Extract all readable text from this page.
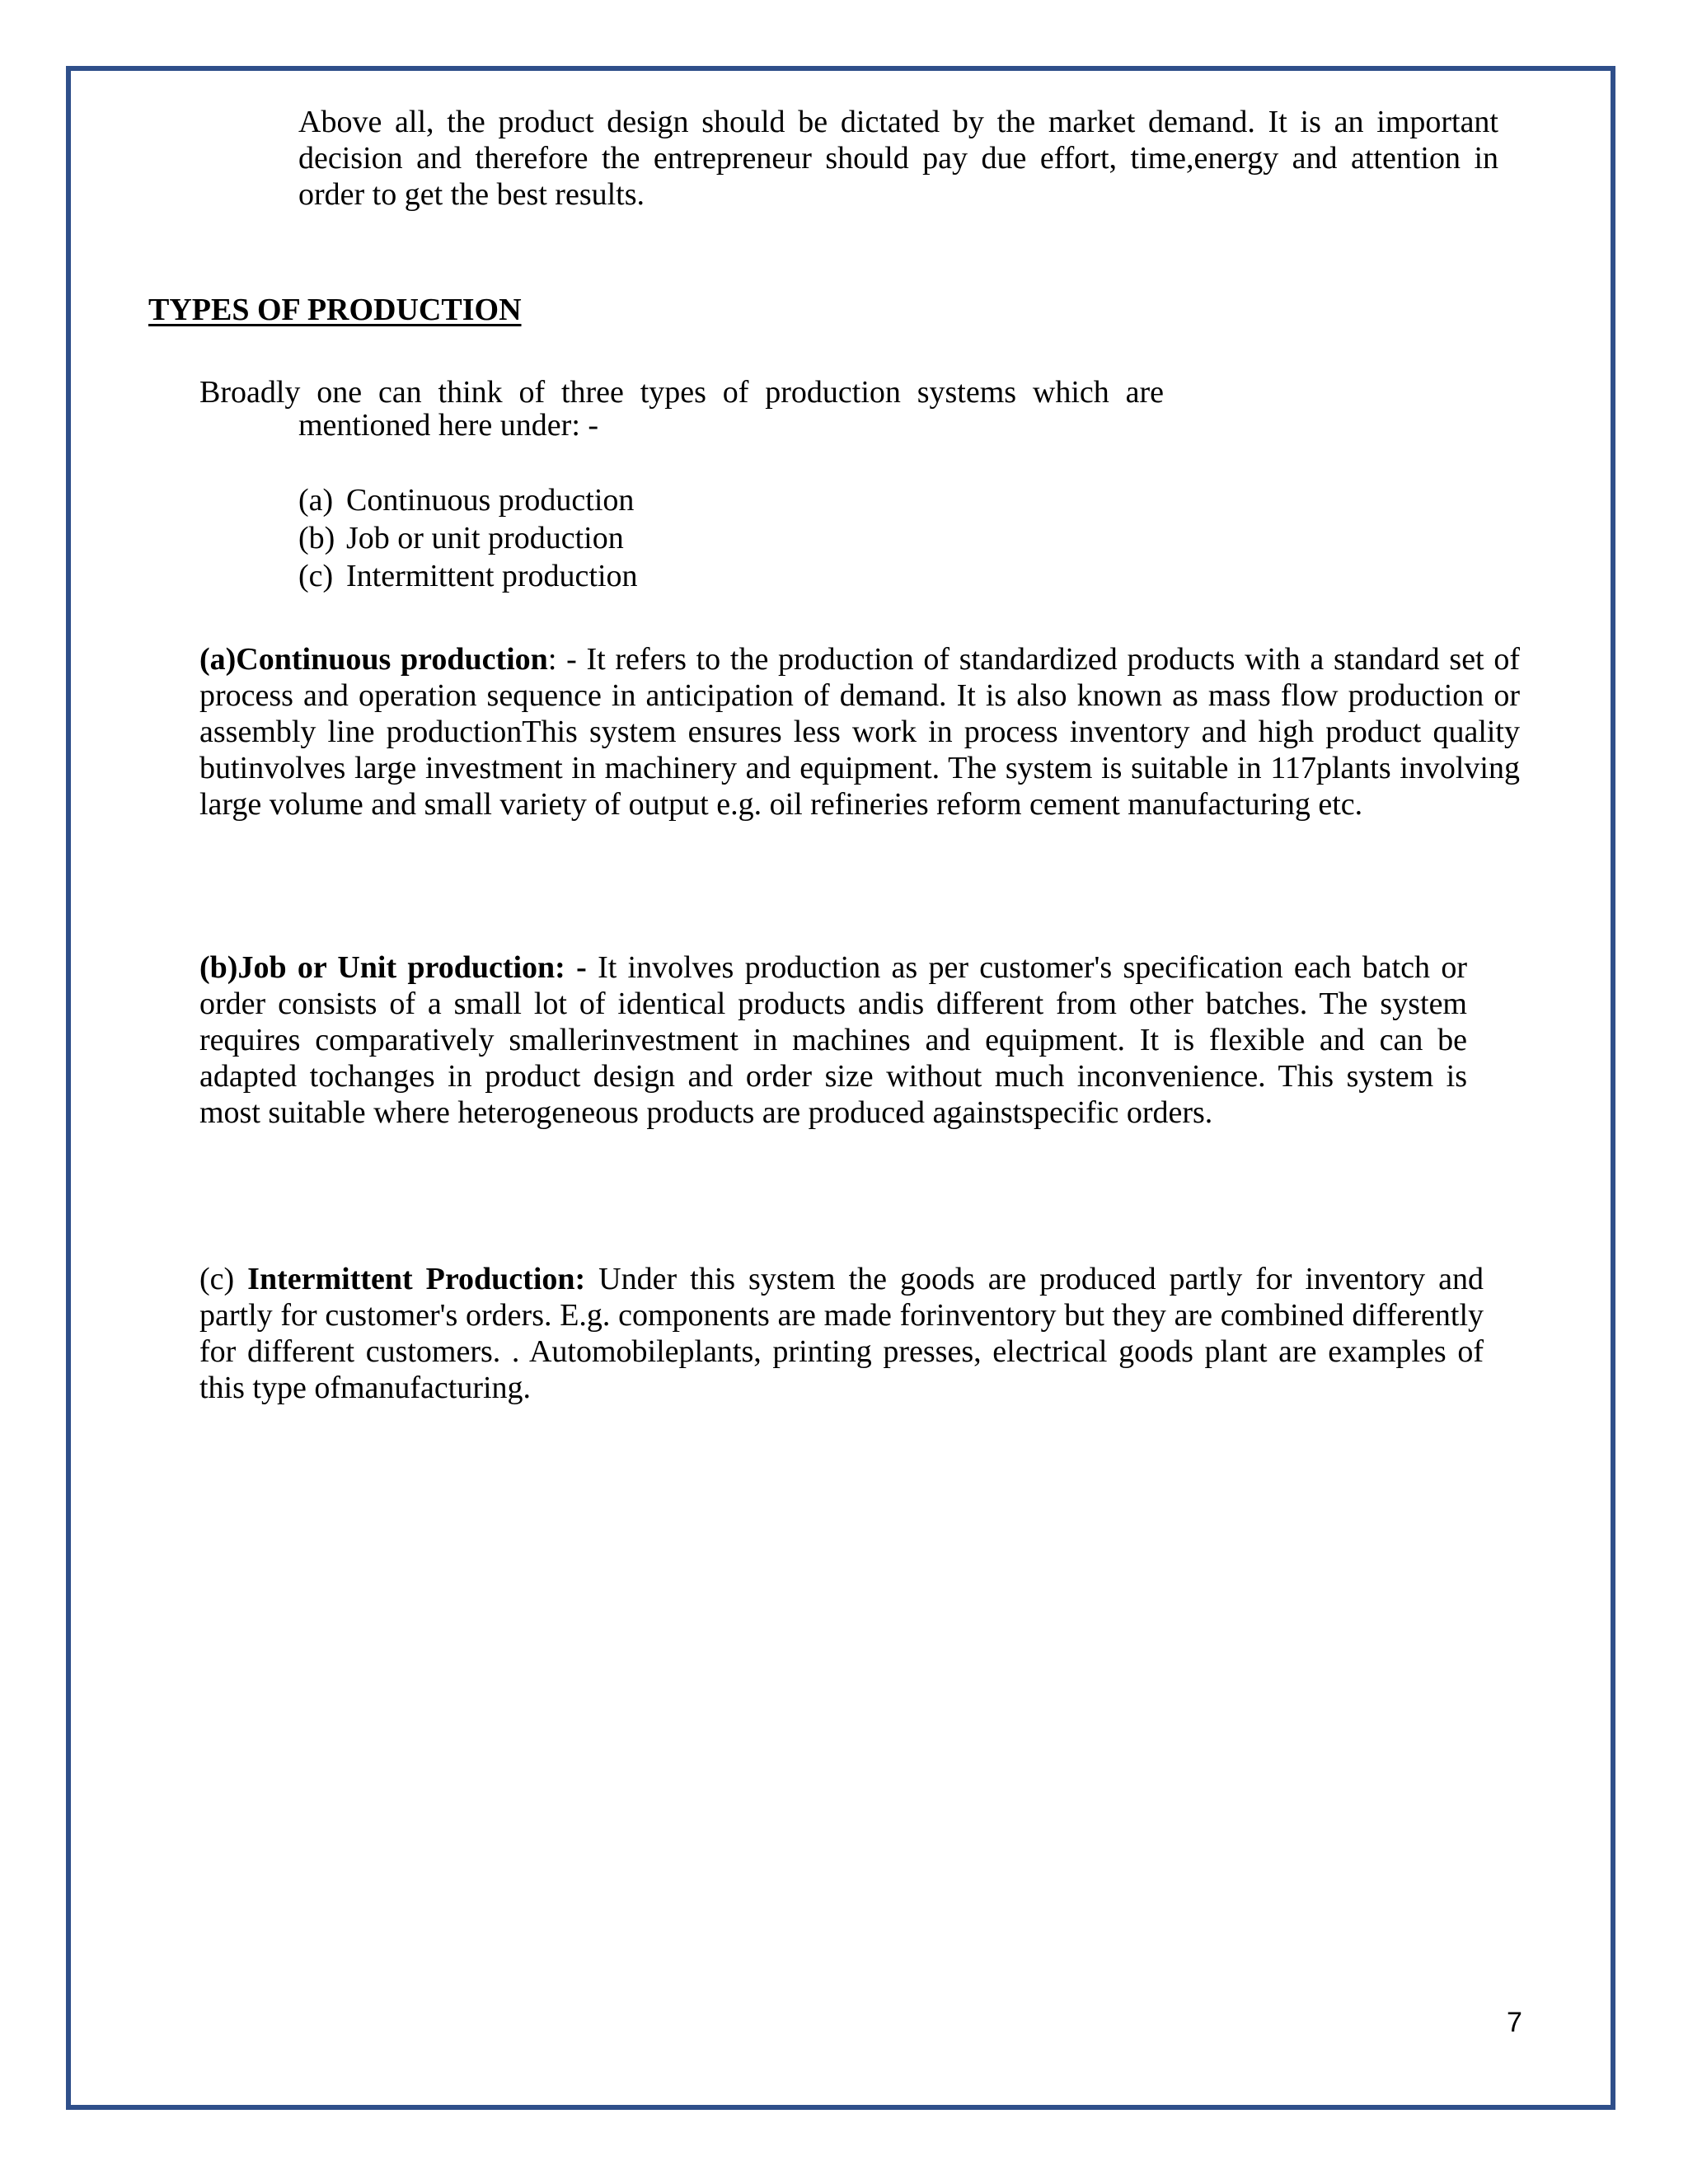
Above all, the product design should be dictated by the market demand. It is an important decision and therefore the entrepreneur should pay due effort, time,energy and attention in order to get the best results.

TYPES OF PRODUCTION
Broadly one can think of three types of production systems which are
mentioned here under: -
(a) Continuous production
(b) Job or unit production
(c) Intermittent production

(a)Continuous production: - It refers to the production of standardized products with a standard set of process and operation sequence in anticipation of demand. It is also known as mass flow production or assembly line productionThis system ensures less work in process inventory and high product quality butinvolves large investment in machinery and equipment. The system is suitable in 117plants involving large volume and small variety of output e.g. oil refineries reform cement manufacturing etc.

(b)Job or Unit production: - It involves production as per customer's specification each batch or order consists of a small lot of identical products andis different from other batches. The system requires comparatively smallerinvestment in machines and equipment. It is flexible and can be adapted tochanges in product design and order size without much inconvenience. This system is most suitable where heterogeneous products are produced againstspecific orders.

(c) Intermittent Production: Under this system the goods are produced partly for inventory and partly for customer's orders. E.g. components are made forinventory but they are combined differently for different customers. . Automobileplants, printing presses, electrical goods plant are examples of this type ofmanufacturing.

7
